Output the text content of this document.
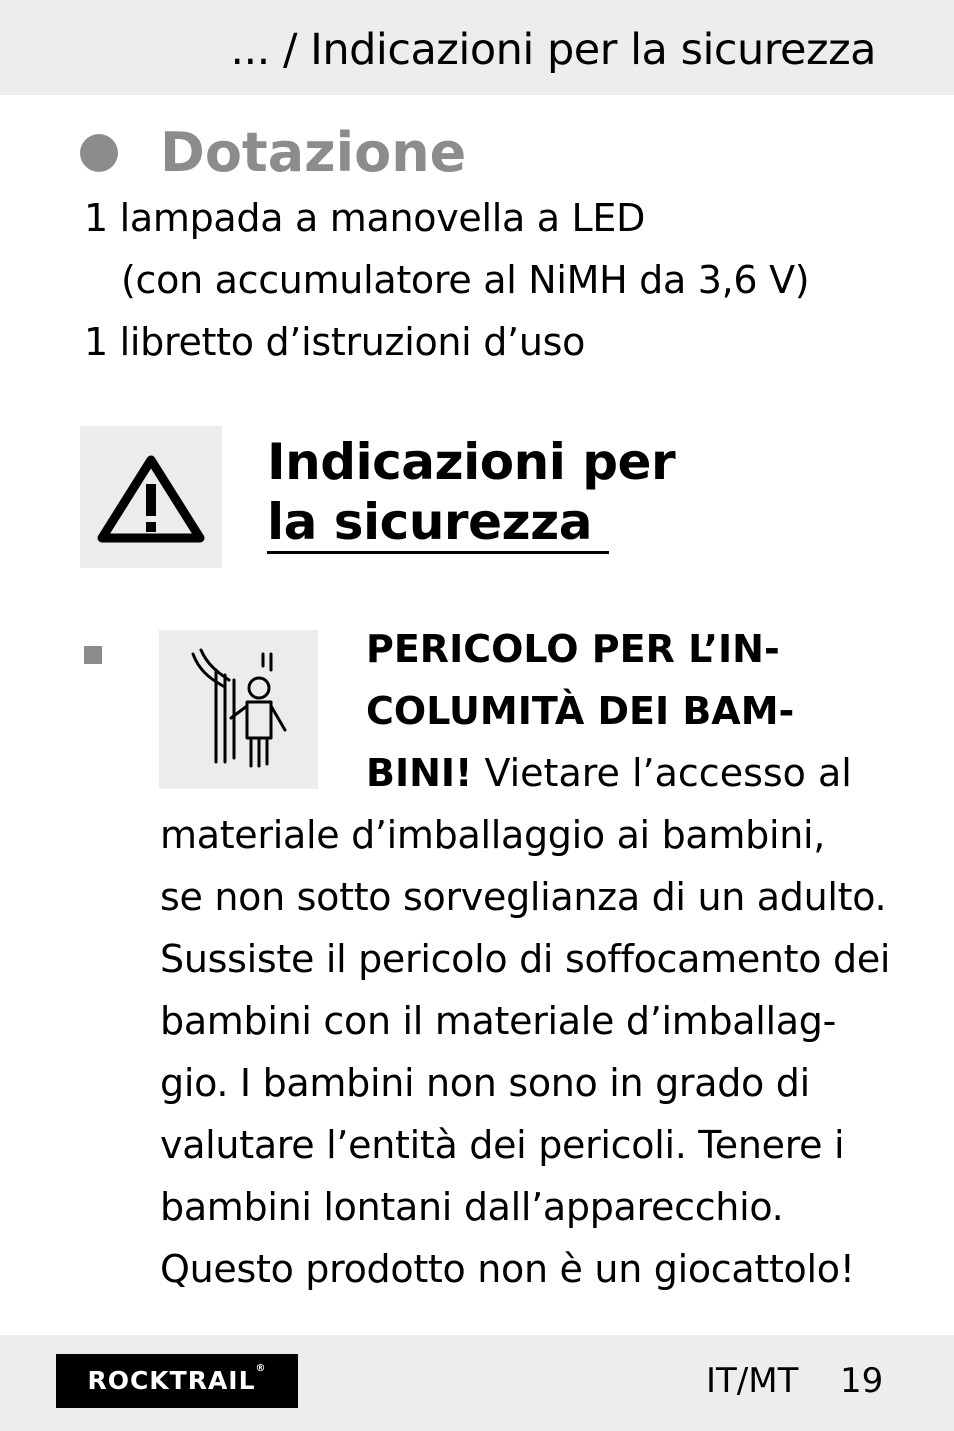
... / Indicazioni per la sicurezza
Dotazione
1 lampada a manovella a LED
(con accumulatore al NiMH da 3,6 V)
1 libretto d’istruzioni d’uso
Indicazioni per
la sicurezza
PERICOLO PER L’IN-
COLUMITÀ DEI BAM-
BINI! Vietare l’accesso al
materiale d’imballaggio ai bambini,
se non sotto sorveglianza di un adulto.
Sussiste il pericolo di soffocamento dei
bambini con il materiale d’imballag-
gio. I bambini non sono in grado di
valutare l’entità dei pericoli. Tenere i
bambini lontani dall’apparecchio.
Questo prodotto non è un giocattolo!
ROCKTRAIL®	IT/MT 19
